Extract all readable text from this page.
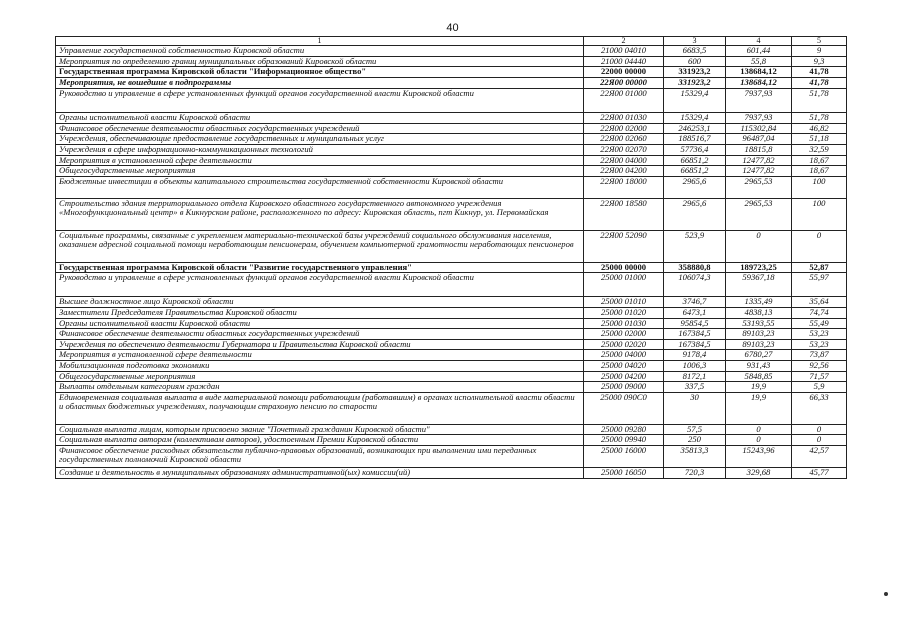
40
1	2	3	4	5
Управление государственной собственностью Кировской области	21000 04010	6683,5	601,44	9
Мероприятия по определению границ муниципальных образований Кировской области	21000 04440	600	55,8	9,3
Государственная программа Кировской области "Информационное общество"	22000 00000	331923,2	138684,12	41,78
Мероприятия, не вошедшие в подпрограммы	22Я00 00000	331923,2	138684,12	41,78
Руководство и управление в сфере установленных функций органов государственной власти Кировской области	22Я00 01000	15329,4	7937,93	51,78
Органы исполнительной власти Кировской области	22Я00 01030	15329,4	7937,93	51,78
Финансовое обеспечение деятельности областных государственных учреждений	22Я00 02000	246253,1	115302,84	46,82
Учреждения, обеспечивающие предоставление государственных и муниципальных услуг	22Я00 02060	188516,7	96487,04	51,18
Учреждения в сфере информационно-коммуникационных технологий	22Я00 02070	57736,4	18815,8	32,59
Мероприятия в установленной сфере деятельности	22Я00 04000	66851,2	12477,82	18,67
Общегосударственные мероприятия	22Я00 04200	66851,2	12477,82	18,67
Бюджетные инвестиции в объекты капитального строительства государственной собственности Кировской области	22Я00 18000	2965,6	2965,53	100
Строительство здания территориального отдела Кировского областного государственного автономного учреждения «Многофункциональный центр» в Кикнурском районе, расположенного по адресу: Кировская область, пгт Кикнур, ул. Первомайская	22Я00 18580	2965,6	2965,53	100
Социальные программы, связанные с укреплением материально-технической базы учреждений социального обслуживания населения, оказанием адресной социальной помощи неработающим пенсионерам, обучением компьютерной грамотности неработающих пенсионеров	22Я00 52090	523,9	0	0
Государственная программа Кировской области "Развитие государственного управления"	25000 00000	358880,8	189723,25	52,87
Руководство и управление в сфере установленных функций органов государственной власти Кировской области	25000 01000	106074,3	59367,18	55,97
Высшее должностное лицо Кировской области	25000 01010	3746,7	1335,49	35,64
Заместители Председателя Правительства Кировской области	25000 01020	6473,1	4838,13	74,74
Органы исполнительной власти Кировской области	25000 01030	95854,5	53193,55	55,49
Финансовое обеспечение деятельности областных государственных учреждений	25000 02000	167384,5	89103,23	53,23
Учреждения по обеспечению деятельности Губернатора и Правительства Кировской области	25000 02020	167384,5	89103,23	53,23
Мероприятия в установленной сфере деятельности	25000 04000	9178,4	6780,27	73,87
Мобилизационная подготовка экономики	25000 04020	1006,3	931,43	92,56
Общегосударственные мероприятия	25000 04200	8172,1	5848,85	71,57
Выплаты отдельным категориям граждан	25000 09000	337,5	19,9	5,9
Единовременная социальная выплата в виде материальной помощи работающим (работавшим) в органах исполнительной власти области и областных бюджетных учреждениях, получающим страховую пенсию по старости	25000 090С0	30	19,9	66,33
Социальная выплата лицам, которым присвоено звание "Почетный гражданин Кировской области"	25000 09280	57,5	0	0
Социальная выплата авторам (коллективам авторов), удостоенным Премии Кировской области	25000 09940	250	0	0
Финансовое обеспечение расходных обязательств публично-правовых образований, возникающих при выполнении ими переданных государственных полномочий Кировской области	25000 16000	35813,3	15243,96	42,57
Создание и деятельность в муниципальных образованиях административной(ых) комиссии(ий)	25000 16050	720,3	329,68	45,77
